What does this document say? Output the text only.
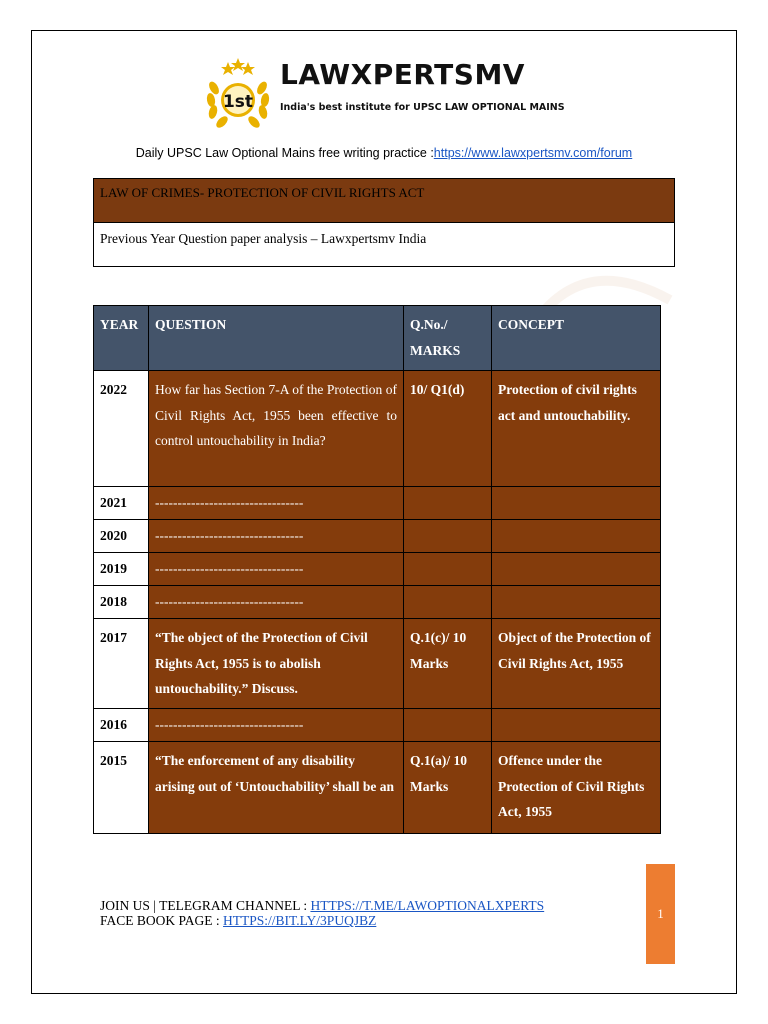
1st
LAWXPERTSMV
India's best institute for UPSC LAW OPTIONAL MAINS
Daily UPSC Law Optional Mains free writing practice :https://www.lawxpertsmv.com/forum
LAW OF CRIMES- PROTECTION OF CIVIL RIGHTS ACT
Previous Year Question paper analysis – Lawxpertsmv India
YEAR	QUESTION	Q.No./ MARKS	CONCEPT
2022	How far has Section 7-A of the Protection of Civil Rights Act, 1955 been effective to control untouchability in India?	10/ Q1(d)	Protection of civil rights act and untouchability.
2021	---------------------------------		
2020	---------------------------------		
2019	---------------------------------		
2018	---------------------------------		
2017	“The object of the Protection of Civil Rights Act, 1955 is to abolish untouchability.” Discuss.	Q.1(c)/ 10 Marks	Object of the Protection of Civil Rights Act, 1955
2016	---------------------------------		
2015	“The enforcement of any disability arising out of ‘Untouchability’ shall be an	Q.1(a)/ 10 Marks	Offence under the Protection of Civil Rights Act, 1955
JOIN US | TELEGRAM CHANNEL : HTTPS://T.ME/LAWOPTIONALXPERTS
FACE BOOK PAGE : HTTPS://BIT.LY/3PUQJBZ	1
